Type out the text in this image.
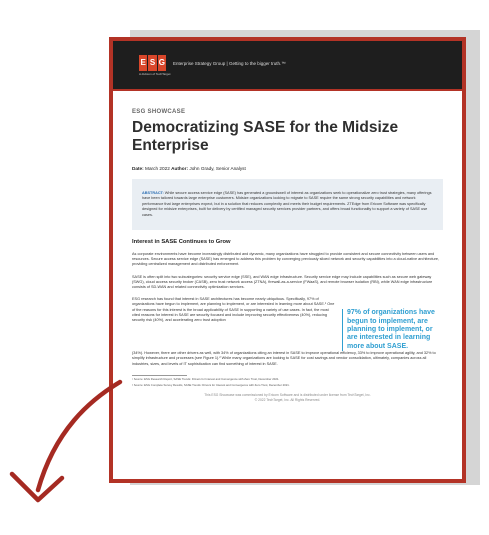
E S G
A division of TechTarget
Enterprise Strategy Group | Getting to the bigger truth.™
ESG SHOWCASE
Democratizing SASE for the Midsize Enterprise
Date: March 2022 Author: John Grady, Senior Analyst
ABSTRACT: While secure access service edge (SASE) has generated a groundswell of interest as organizations seek to operationalize zero trust strategies, many offerings have been tailored towards large enterprise customers. Midsize organizations looking to migrate to SASE require the same strong security capabilities and network performance that large enterprises expect, but in a solution that reduces complexity and meets their budget requirements. ZTEdge from Ericom Software was specifically designed for midsize enterprises, built for delivery by certified managed security services provider partners, and offers broad functionality to support a variety of SASE use cases.
Interest in SASE Continues to Grow

As corporate environments have become increasingly distributed and dynamic, many organizations have struggled to provide consistent and secure connectivity between users and resources. Secure access service edge (SASE) has emerged to address this problem by converging previously siloed network and security capabilities into a cloud-native architecture, providing centralized management and distributed enforcement.

SASE is often split into two subcategories: security service edge (SSE), and WAN edge infrastructure. Security service edge may include capabilities such as secure web gateway (SWG), cloud access security broker (CASB), zero trust network access (ZTNA), firewall-as-a-service (FWaaS), and remote browser isolation (RBI), while WAN edge infrastructure consists of SD-WAN and related connectivity optimization services.

ESG research has found that interest in SASE architectures has become nearly ubiquitous. Specifically, 97% of organizations have begun to implement, are planning to implement, or are interested in learning more about SASE.¹ One of the reasons for this interest is the broad applicability of SASE in supporting a variety of use cases. In fact, the most cited reasons for interest in SASE are security focused and include improving security effectiveness (40%), reducing security risk (40%), and accelerating zero trust adoption
97% of organizations have begun to implement, are planning to implement, or are interested in learning more about SASE.

(34%). However, there are other drivers as well, with 34% of organizations citing an interest in SASE to improve operational efficiency, 33% to improve operational agility, and 32% to simplify infrastructure and processes (see Figure 1).² While many organizations are looking to SASE for cost savings and vendor consolidation, ultimately, companies across all industries, sizes, and levels of IT sophistication can find something of interest in SASE.

¹ Source: ESG Research Report, SASE Trends: Drivers for Interest and Convergence with Zero Trust, December 2021.
² Source: ESG Complete Survey Results, SASE Trends: Drivers for Interest and Convergence with Zero Trust, December 2021.
This ESG Showcase was commissioned by Ericom Software and is distributed under license from TechTarget, Inc.
© 2022 TechTarget, Inc. All Rights Reserved.
